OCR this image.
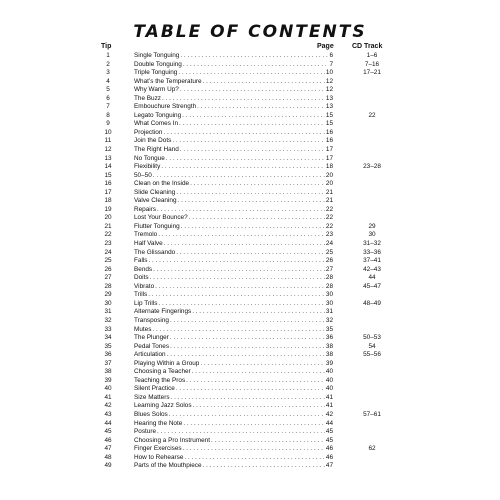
TABLE OF CONTENTS
Tip	Page	CD Track
1	Single Tonguing . . .	6	1–6
2	Double Tonguing . . .	7	7–16
3	Triple Tonguing . . .	10	17–21
4	What’s the Temperature . . .	12
5	Why Warm Up? . . .	12
6	The Buzz . . .	13
7	Embouchure Strength . . .	13
8	Legato Tonguing . . .	15	22
9	What Comes In . . .	15
10	Projection . . .	16
11	Join the Dots . . .	16
12	The Right Hand . . .	17
13	No Tongue . . .	17
14	Flexibility . . .	18	23–28
15	50–50 . . .	20
16	Clean on the Inside . . .	20
17	Slide Cleaning . . .	21
18	Valve Cleaning . . .	21
19	Repairs . . .	22
20	Lost Your Bounce? . . .	22
21	Flutter Tonguing . . .	22	29
22	Tremolo . . .	23	30
23	Half Valve . . .	24	31–32
24	The Glissando . . .	25	33–36
25	Falls . . .	26	37–41
26	Bends . . .	27	42–43
27	Doits . . .	28	44
28	Vibrato . . .	28	45–47
29	Trills . . .	30
30	Lip Trills . . .	30	48–49
31	Alternate Fingerings . . .	31
32	Transposing . . .	32
33	Mutes . . .	35
34	The Plunger . . .	36	50–53
35	Pedal Tones . . .	38	54
36	Articulation . . .	38	55–56
37	Playing Within a Group . . .	39
38	Choosing a Teacher . . .	40
39	Teaching the Pros . . .	40
40	Silent Practice . . .	40
41	Size Matters . . .	41
42	Learning Jazz Solos . . .	41
43	Blues Solos . . .	42	57–61
44	Hearing the Note . . .	44
45	Posture . . .	45
46	Choosing a Pro Instrument . . .	45
47	Finger Exercises . . .	46	62
48	How to Rehearse . . .	46
49	Parts of the Mouthpiece . . .	47
